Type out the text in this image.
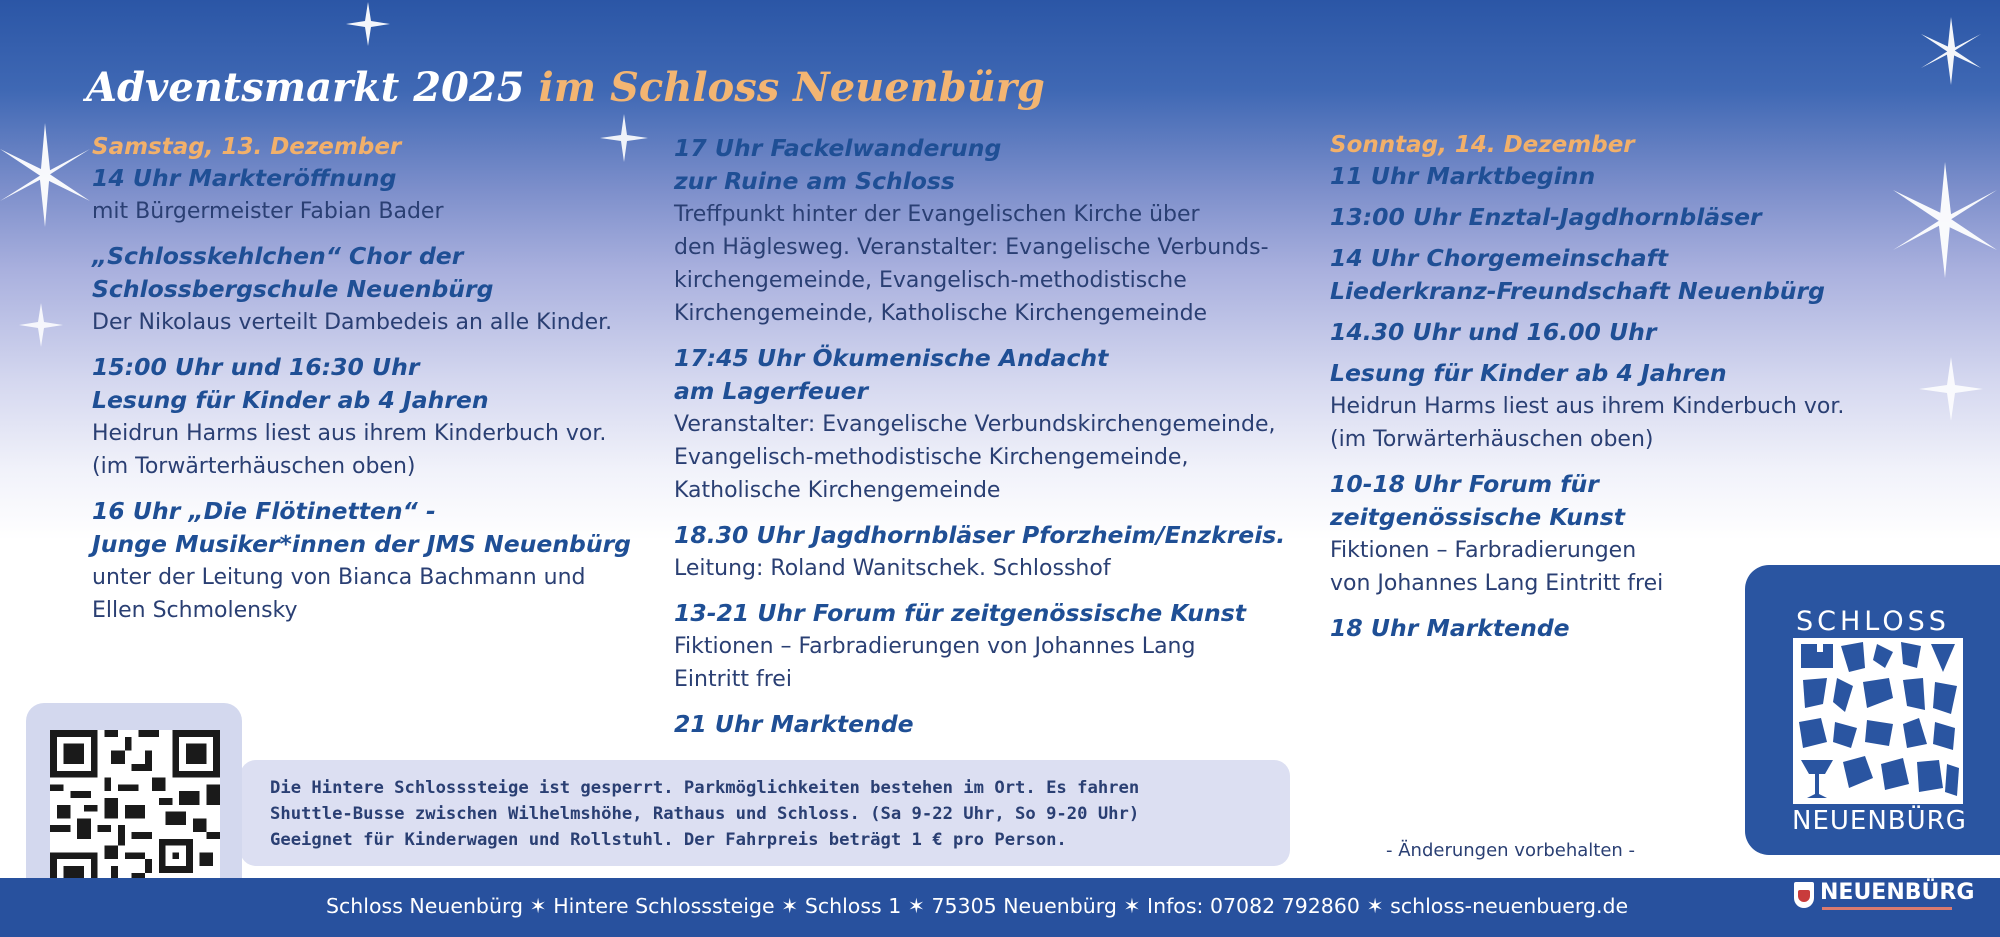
Adventsmarkt 2025 im Schloss Neuenbürg
Samstag, 13. Dezember
14 Uhr Markteröffnung
mit Bürgermeister Fabian Bader
„Schlosskehlchen“ Chor der
Schlossbergschule Neuenbürg
Der Nikolaus verteilt Dambedeis an alle Kinder.
15:00 Uhr und 16:30 Uhr
Lesung für Kinder ab 4 Jahren
Heidrun Harms liest aus ihrem Kinderbuch vor.
(im Torwärterhäuschen oben)
16 Uhr „Die Flötinetten“ -
Junge Musiker*innen der JMS Neuenbürg
unter der Leitung von Bianca Bachmann und
Ellen Schmolensky
17 Uhr Fackelwanderung
zur Ruine am Schloss
Treffpunkt hinter der Evangelischen Kirche über
den Häglesweg. Veranstalter: Evangelische Verbunds-
kirchengemeinde, Evangelisch-methodistische
Kirchengemeinde, Katholische Kirchengemeinde
17:45 Uhr Ökumenische Andacht
am Lagerfeuer
Veranstalter: Evangelische Verbundskirchengemeinde,
Evangelisch-methodistische Kirchengemeinde,
Katholische Kirchengemeinde
18.30 Uhr Jagdhornbläser Pforzheim/Enzkreis.
Leitung: Roland Wanitschek. Schlosshof
13-21 Uhr Forum für zeitgenössische Kunst
Fiktionen – Farbradierungen von Johannes Lang
Eintritt frei
21 Uhr Marktende
Sonntag, 14. Dezember
11 Uhr Marktbeginn
13:00 Uhr Enztal-Jagdhornbläser
14 Uhr Chorgemeinschaft
Liederkranz-Freundschaft Neuenbürg
14.30 Uhr und 16.00 Uhr
Lesung für Kinder ab 4 Jahren
Heidrun Harms liest aus ihrem Kinderbuch vor.
(im Torwärterhäuschen oben)
10-18 Uhr Forum für
zeitgenössische Kunst
Fiktionen – Farbradierungen
von Johannes Lang Eintritt frei
18 Uhr Marktende
Die Hintere Schlosssteige ist gesperrt. Parkmöglichkeiten bestehen im Ort. Es fahren
Shuttle-Busse zwischen Wilhelmshöhe, Rathaus und Schloss. (Sa 9-22 Uhr, So 9-20 Uhr)
Geeignet für Kinderwagen und Rollstuhl. Der Fahrpreis beträgt 1 € pro Person.	- Änderungen vorbehalten -
Schloss Neuenbürg ✶ Hintere Schlosssteige ✶ Schloss 1 ✶ 75305 Neuenbürg ✶ Infos: 07082 792860 ✶ schloss-neuenbuerg.de
SCHLOSS
NEUENBÜRG
NEUENBÜRG
